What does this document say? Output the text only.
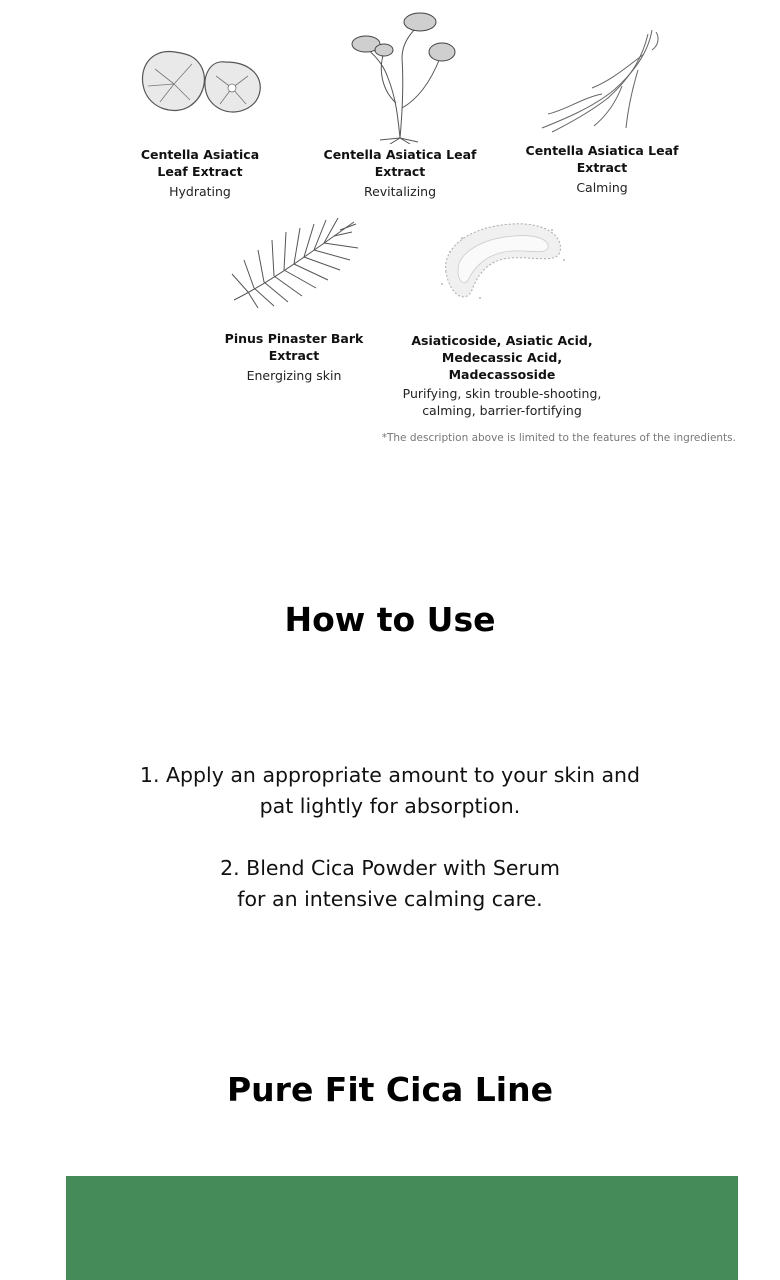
Centella Asiatica
Leaf Extract
Hydrating
Centella Asiatica Leaf
Extract
Revitalizing
Centella Asiatica Leaf
Extract
Calming
Pinus Pinaster Bark
Extract
Energizing skin
Asiaticoside, Asiatic Acid,
Medecassic Acid, Madecassoside
Purifying, skin trouble-shooting,
calming, barrier-fortifying
*The description above is limited to the features of the ingredients.
How to Use

1. Apply an appropriate amount to your skin and
pat lightly for absorption.

2. Blend Cica Powder with Serum
for an intensive calming care.

Pure Fit Cica Line
